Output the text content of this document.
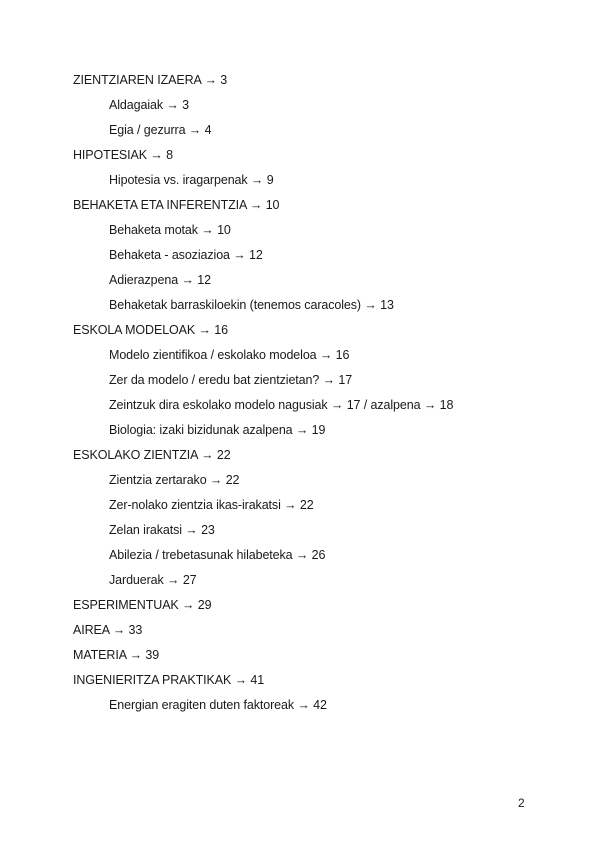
ZIENTZIAREN IZAERA → 3
Aldagaiak → 3
Egia / gezurra → 4
HIPOTESIAK → 8
Hipotesia vs. iragarpenak → 9
BEHAKETA ETA INFERENTZIA → 10
Behaketa motak → 10
Behaketa - asoziazioa → 12
Adierazpena → 12
Behaketak barraskiloekin (tenemos caracoles) → 13
ESKOLA MODELOAK → 16
Modelo zientifikoa / eskolako modeloa → 16
Zer da modelo / eredu bat zientzietan? → 17
Zeintzuk dira eskolako modelo nagusiak → 17 / azalpena → 18
Biologia: izaki bizidunak azalpena → 19
ESKOLAKO ZIENTZIA → 22
Zientzia zertarako → 22
Zer-nolako zientzia ikas-irakatsi → 22
Zelan irakatsi → 23
Abilezia / trebetasunak hilabeteka → 26
Jarduerak → 27
ESPERIMENTUAK → 29
AIREA → 33
MATERIA → 39
INGENIERITZA PRAKTIKAK → 41
Energian eragiten duten faktoreak → 42
2
